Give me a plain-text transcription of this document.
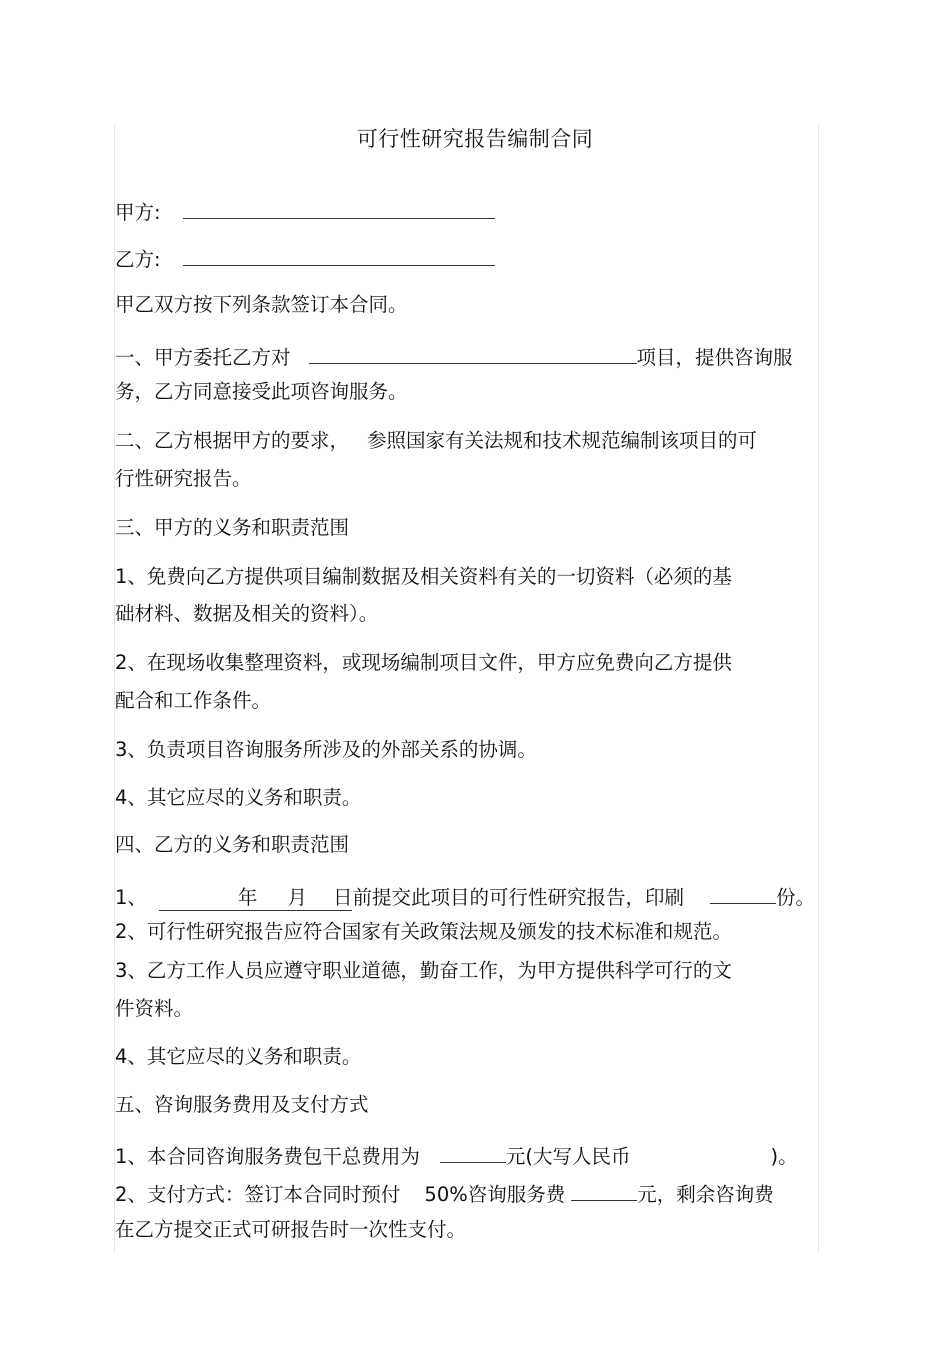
可行性研究报告编制合同
甲方:
乙方:
甲乙双方按下列条款签订本合同。
一、甲方委托乙方对	项目，提供咨询服
务，乙方同意接受此项咨询服务。
二、乙方根据甲方的要求， 参照国家有关法规和技术规范编制该项目的可
行性研究报告。
三、甲方的义务和职责范围
1、免费向乙方提供项目编制数据及相关资料有关的一切资料（必须的基
础材料、数据及相关的资料）。
2、在现场收集整理资料，或现场编制项目文件，甲方应免费向乙方提供
配合和工作条件。
3、负责项目咨询服务所涉及的外部关系的协调。
4、其它应尽的义务和职责。
四、乙方的义务和职责范围
1、	年 月 日前提交此项目的可行性研究报告，印刷	份。
2、可行性研究报告应符合国家有关政策法规及颁发的技术标准和规范。
3、乙方工作人员应遵守职业道德，勤奋工作，为甲方提供科学可行的文
件资料。
4、其它应尽的义务和职责。
五、咨询服务费用及支付方式
1、本合同咨询服务费包干总费用为	元(大写人民币	)。
2、支付方式：签订本合同时预付 50%咨询服务费	元，剩余咨询费
在乙方提交正式可研报告时一次性支付。
